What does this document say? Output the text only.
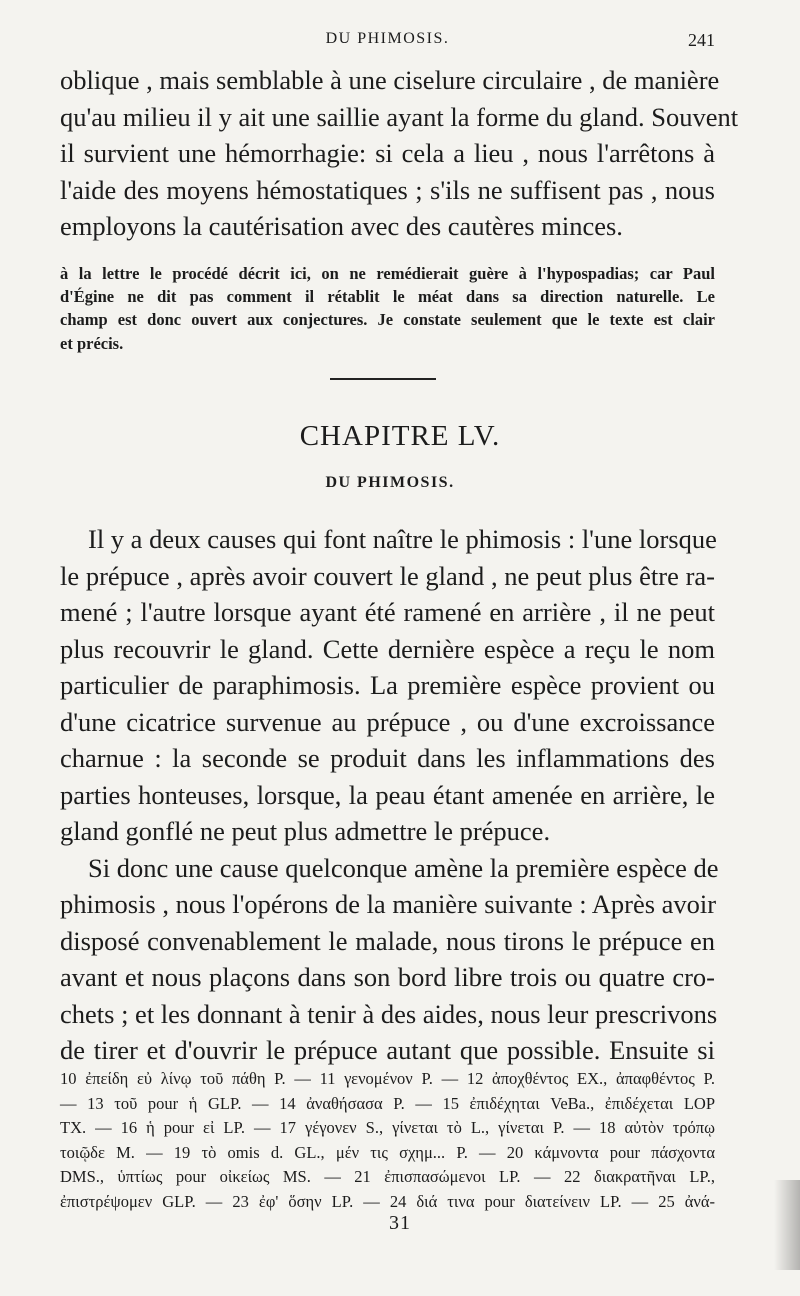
DU PHIMOSIS.	241
oblique , mais semblable à une ciselure circulaire , de manière
qu'au milieu il y ait une saillie ayant la forme du gland. Souvent
il survient une hémorrhagie: si cela a lieu , nous l'arrêtons à
l'aide des moyens hémostatiques ; s'ils ne suffisent pas , nous
employons la cautérisation avec des cautères minces.
à la lettre le procédé décrit ici, on ne remédierait guère à l'hypospadias; car Paul
d'Égine ne dit pas comment il rétablit le méat dans sa direction naturelle. Le
champ est donc ouvert aux conjectures. Je constate seulement que le texte est clair
et précis.
CHAPITRE LV.
DU PHIMOSIS.
Il y a deux causes qui font naître le phimosis : l'une lorsque
le prépuce , après avoir couvert le gland , ne peut plus être ra-
mené ; l'autre lorsque ayant été ramené en arrière , il ne peut
plus recouvrir le gland. Cette dernière espèce a reçu le nom
particulier de paraphimosis. La première espèce provient ou
d'une cicatrice survenue au prépuce , ou d'une excroissance
charnue : la seconde se produit dans les inflammations des
parties honteuses, lorsque, la peau étant amenée en arrière, le
gland gonflé ne peut plus admettre le prépuce.
Si donc une cause quelconque amène la première espèce de
phimosis , nous l'opérons de la manière suivante : Après avoir
disposé convenablement le malade, nous tirons le prépuce en
avant et nous plaçons dans son bord libre trois ou quatre cro-
chets ; et les donnant à tenir à des aides, nous leur prescrivons
de tirer et d'ouvrir le prépuce autant que possible. Ensuite si
10 ἐπείδη εὐ λίνῳ τοῦ πάθη P. — 11 γενομένον P. — 12 ἀποχθέντος EX., ἀπαφθέντος P.
— 13 τοῦ pour ἡ GLP. — 14 ἀναθήσασα P. — 15 ἐπιδέχηται VeBa., ἐπιδέχεται LOP
TX. — 16 ἡ pour εἰ LP. — 17 γέγονεν S., γίνεται τὸ L., γίνεται P. — 18 αὐτὸν τρόπῳ
τοιῷδε M. — 19 τὸ omis d. GL., μέν τις σχημ... P. — 20 κάμνοντα pour πάσχοντα
DMS., ὑπτίως pour οἰκείως MS. — 21 ἐπισπασώμενοι LP. — 22 διακρατῆναι LP.,
ἐπιστρέψομεν GLP. — 23 ἐφ' ὅσην LP. — 24 διά τινα pour διατείνειν LP. — 25 ἀνά-
31
